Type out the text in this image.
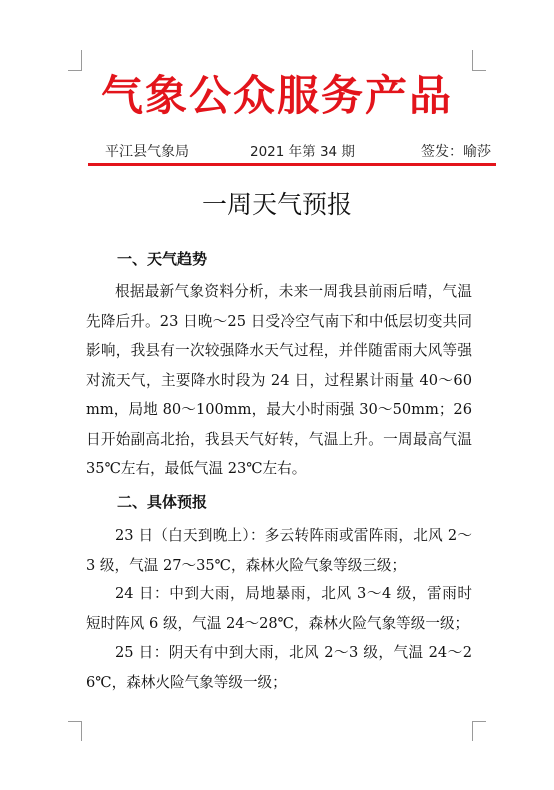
气象公众服务产品
平江县气象局	2021 年第 34 期	签发：喻莎
一周天气预报
一、天气趋势

根据最新气象资料分析，未来一周我县前雨后晴，气温先降后升。23 日晚～25 日受冷空气南下和中低层切变共同影响，我县有一次较强降水天气过程，并伴随雷雨大风等强对流天气，主要降水时段为 24 日，过程累计雨量 40～60mm，局地 80～100mm，最大小时雨强 30～50mm；26 日开始副高北抬，我县天气好转，气温上升。一周最高气温 35℃左右，最低气温 23℃左右。

二、具体预报

23 日（白天到晚上）：多云转阵雨或雷阵雨，北风 2～3 级，气温 27～35℃，森林火险气象等级三级；

24 日：中到大雨，局地暴雨，北风 3～4 级，雷雨时短时阵风 6 级，气温 24～28℃，森林火险气象等级一级；

25 日：阴天有中到大雨，北风 2～3 级，气温 24～26℃，森林火险气象等级一级；
